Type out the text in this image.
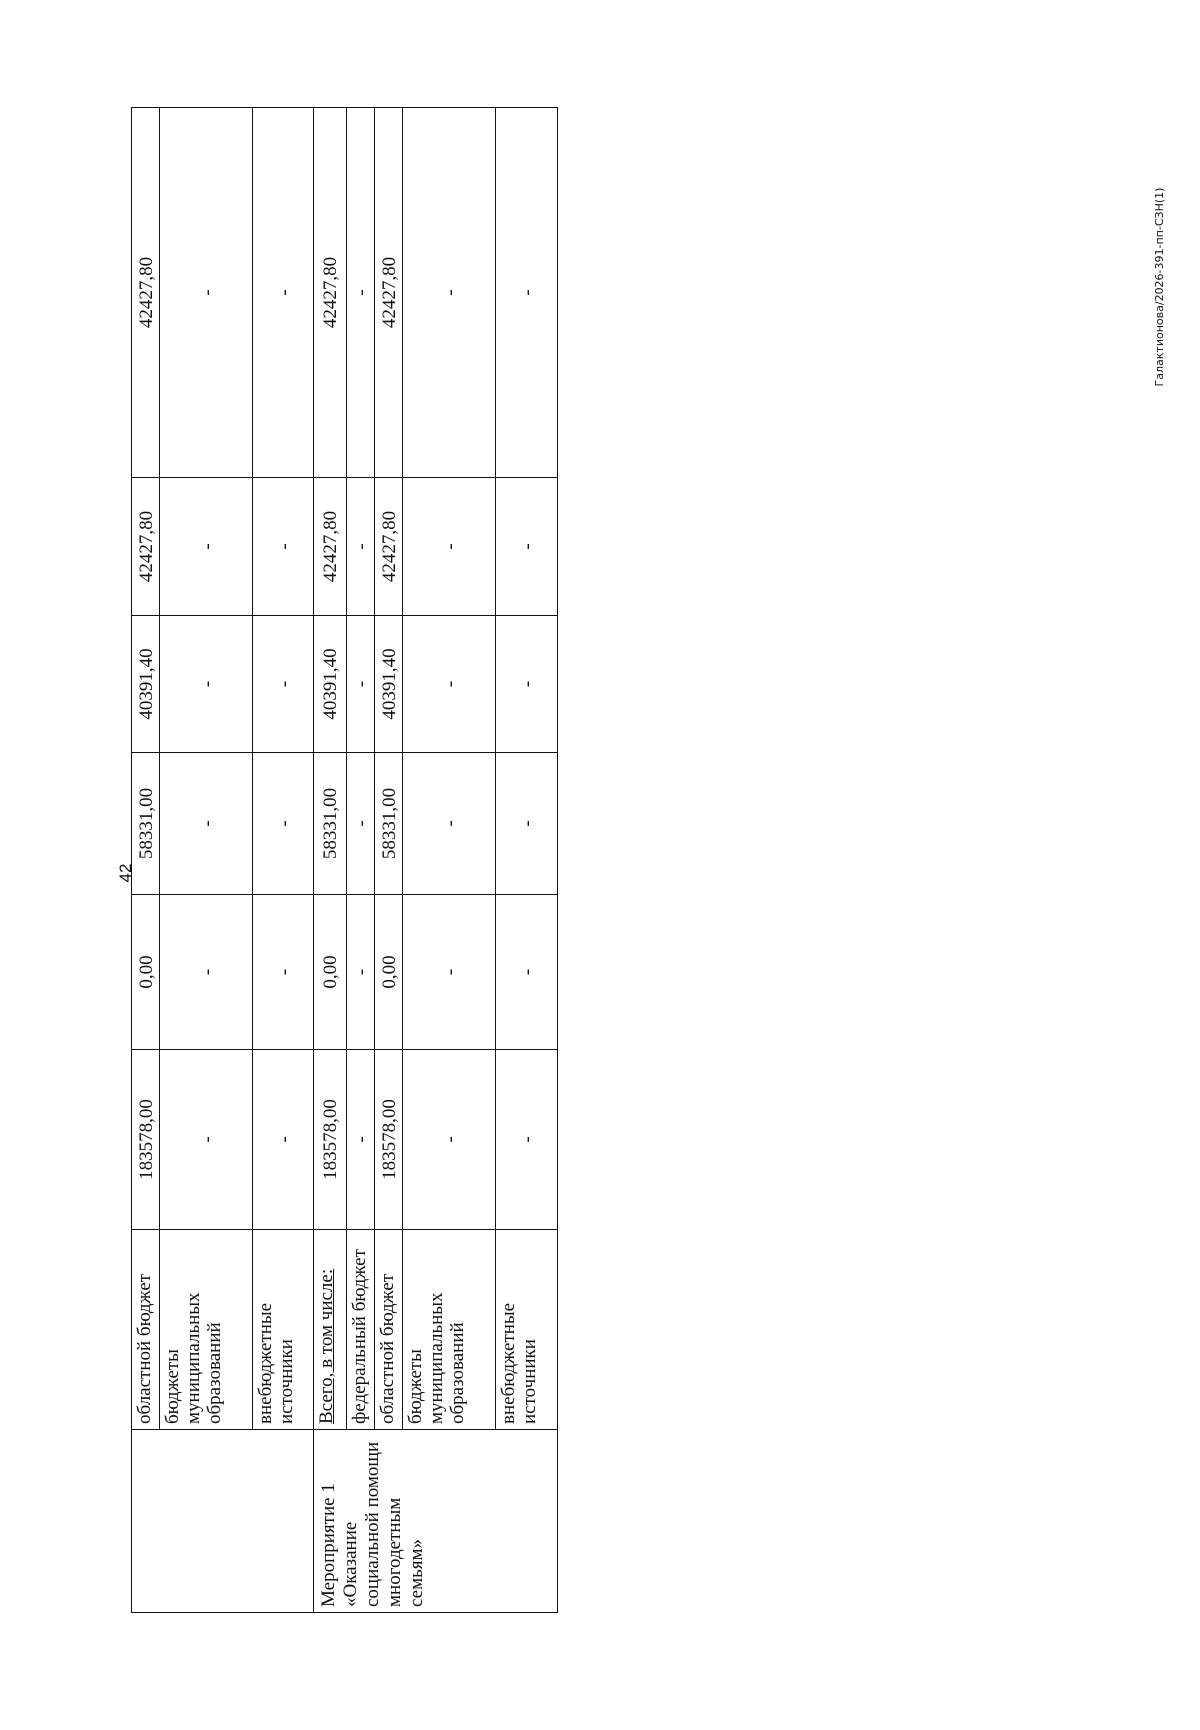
42
Галактионова/2026-391-пп-СЗН(1)
	областной бюджет	183578,00	0,00	58331,00	40391,40	42427,80	42427,80
	бюджеты муниципальных образований	-	-	-	-	-	-
	внебюджетные источники	-	-	-	-	-	-
Мероприятие 1 «Оказание социальной помощи многодетным семьям»	Всего, в том числе:	183578,00	0,00	58331,00	40391,40	42427,80	42427,80
	федеральный бюджет	-	-	-	-	-	-
	областной бюджет	183578,00	0,00	58331,00	40391,40	42427,80	42427,80
	бюджеты муниципальных образований	-	-	-	-	-	-
	внебюджетные источники	-	-	-	-	-	-
